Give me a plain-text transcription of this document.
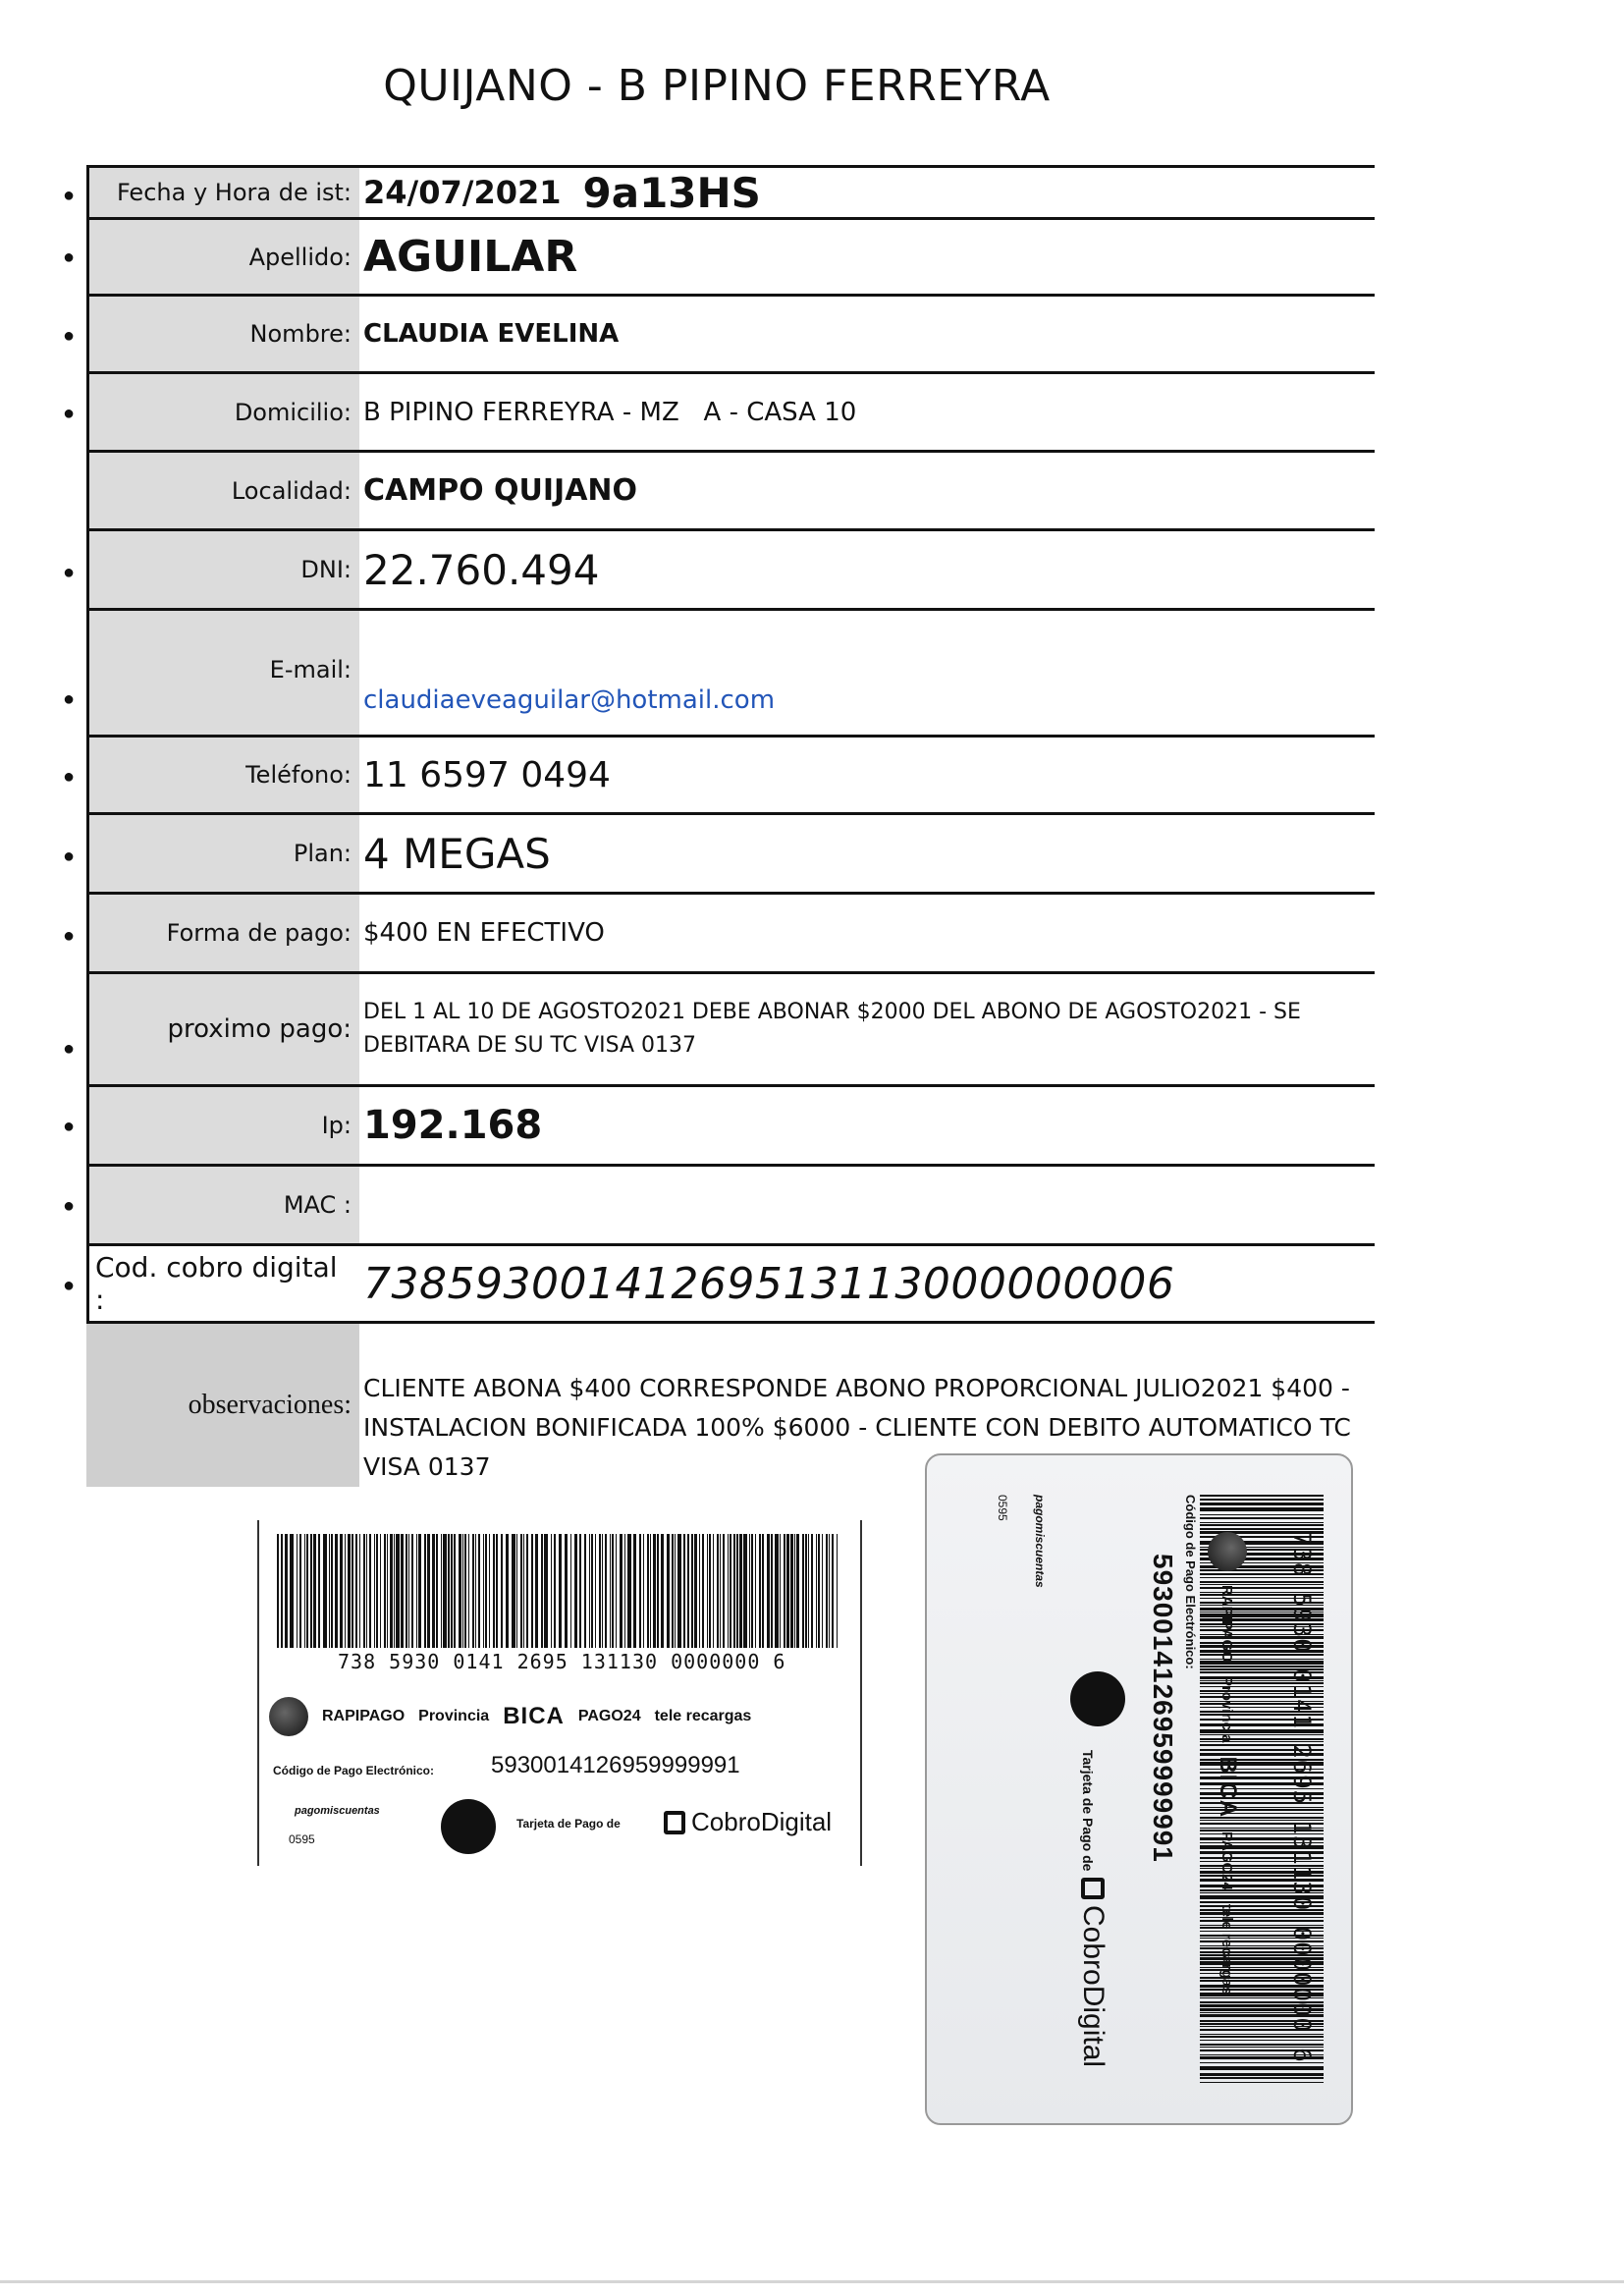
QUIJANO - B PIPINO FERREYRA
●	Fecha y Hora de ist: 24/07/2021 9a13HS
●	Apellido: AGUILAR
●	Nombre: CLAUDIA EVELINA
●	Domicilio: B PIPINO FERREYRA - MZ   A - CASA 10
Localidad: CAMPO QUIJANO
●	DNI: 22.760.494
●
E-mail:
claudiaeveaguilar@hotmail.com
●	Teléfono: 11 6597 0494
●	Plan: 4 MEGAS
●	Forma de pago: $400 EN EFECTIVO
●
proximo pago:
DEL 1 AL 10 DE AGOSTO2021 DEBE ABONAR $2000 DEL ABONO DE AGOSTO2021 - SE DEBITARA DE SU TC VISA 0137
●	Ip: 192.168
●	MAC :
●
Cod. cobro digital :	73859300141269513113000000006
observaciones:
CLIENTE ABONA $400 CORRESPONDE ABONO PROPORCIONAL JULIO2021 $400 - INSTALACION BONIFICADA 100% $6000 - CLIENTE CON DEBITO AUTOMATICO TC VISA 0137
738 5930 0141 2695 131130 0000000 6
RAPIPAGO Provincia BICA PAGO24 tele recargas
Código de Pago Electrónico: 5930014126959999991
pagomiscuentas
0595
Tarjeta de Pago de	CobroDigital	738 5930 0141 2695 131130 0000000 6
RAPIPAGO
Provincia
BICA
PAGO24
tele recargas
Código de Pago Electrónico:
5930014126959999991
Tarjeta de Pago de
CobroDigital
pagomiscuentas
0595
